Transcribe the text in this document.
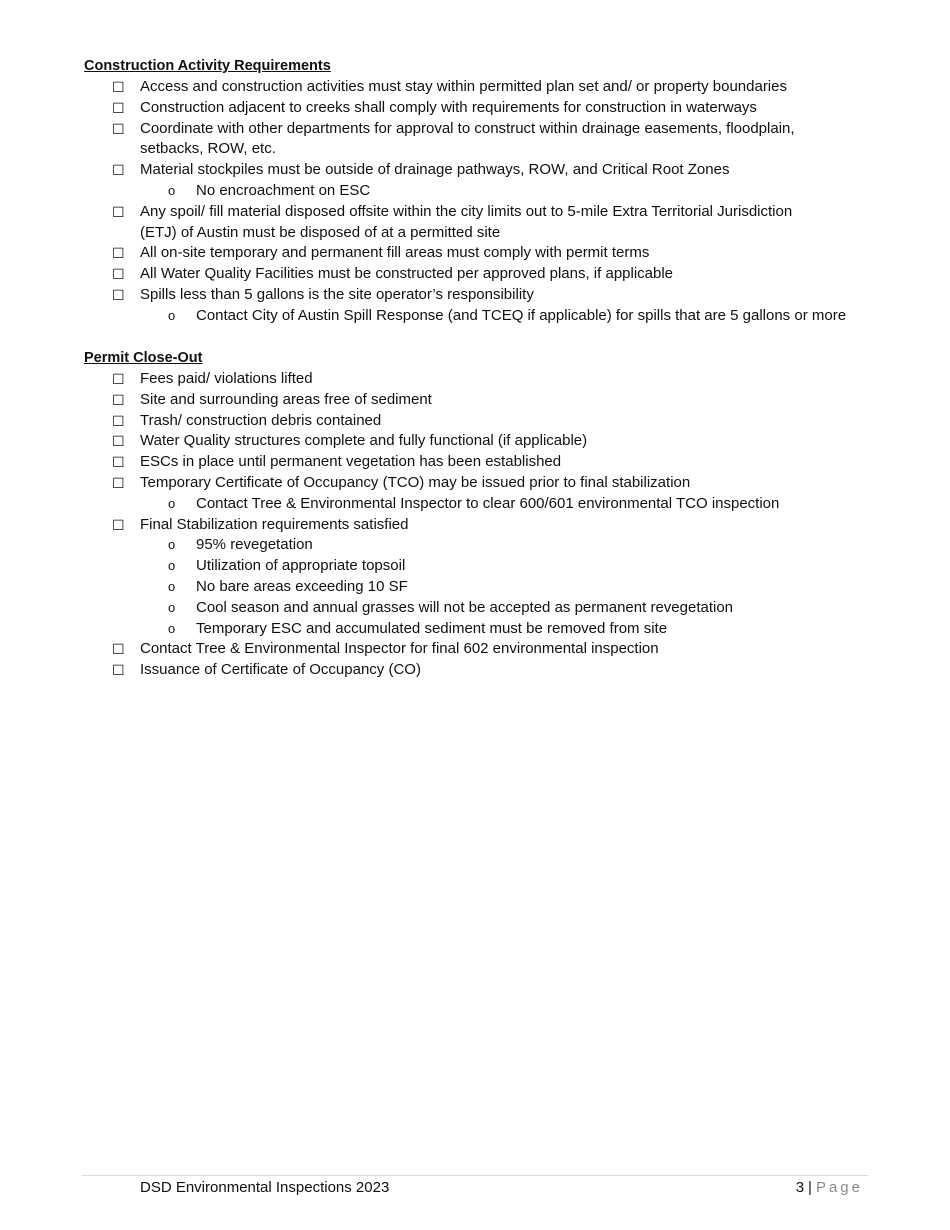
DSD Environmental Inspections 2023	3 | Page
Construction Activity Requirements
☐ Access and construction activities must stay within permitted plan set and/ or property boundaries
☐ Construction adjacent to creeks shall comply with requirements for construction in waterways
☐ Coordinate with other departments for approval to construct within drainage easements, floodplain,
setbacks, ROW, etc.
☐ Material stockpiles must be outside of drainage pathways, ROW, and Critical Root Zones
o No encroachment on ESC
☐ Any spoil/ fill material disposed offsite within the city limits out to 5-mile Extra Territorial Jurisdiction
(ETJ) of Austin must be disposed of at a permitted site
☐ All on-site temporary and permanent fill areas must comply with permit terms
☐ All Water Quality Facilities must be constructed per approved plans, if applicable
☐ Spills less than 5 gallons is the site operator’s responsibility
o Contact City of Austin Spill Response (and TCEQ if applicable) for spills that are 5 gallons or more
Permit Close-Out
☐ Fees paid/ violations lifted
☐ Site and surrounding areas free of sediment
☐ Trash/ construction debris contained
☐ Water Quality structures complete and fully functional (if applicable)
☐ ESCs in place until permanent vegetation has been established
☐ Temporary Certificate of Occupancy (TCO) may be issued prior to final stabilization
o Contact Tree & Environmental Inspector to clear 600/601 environmental TCO inspection
☐ Final Stabilization requirements satisfied
o 95% revegetation
o Utilization of appropriate topsoil
o No bare areas exceeding 10 SF
o Cool season and annual grasses will not be accepted as permanent revegetation
o Temporary ESC and accumulated sediment must be removed from site
☐ Contact Tree & Environmental Inspector for final 602 environmental inspection
☐ Issuance of Certificate of Occupancy (CO)
